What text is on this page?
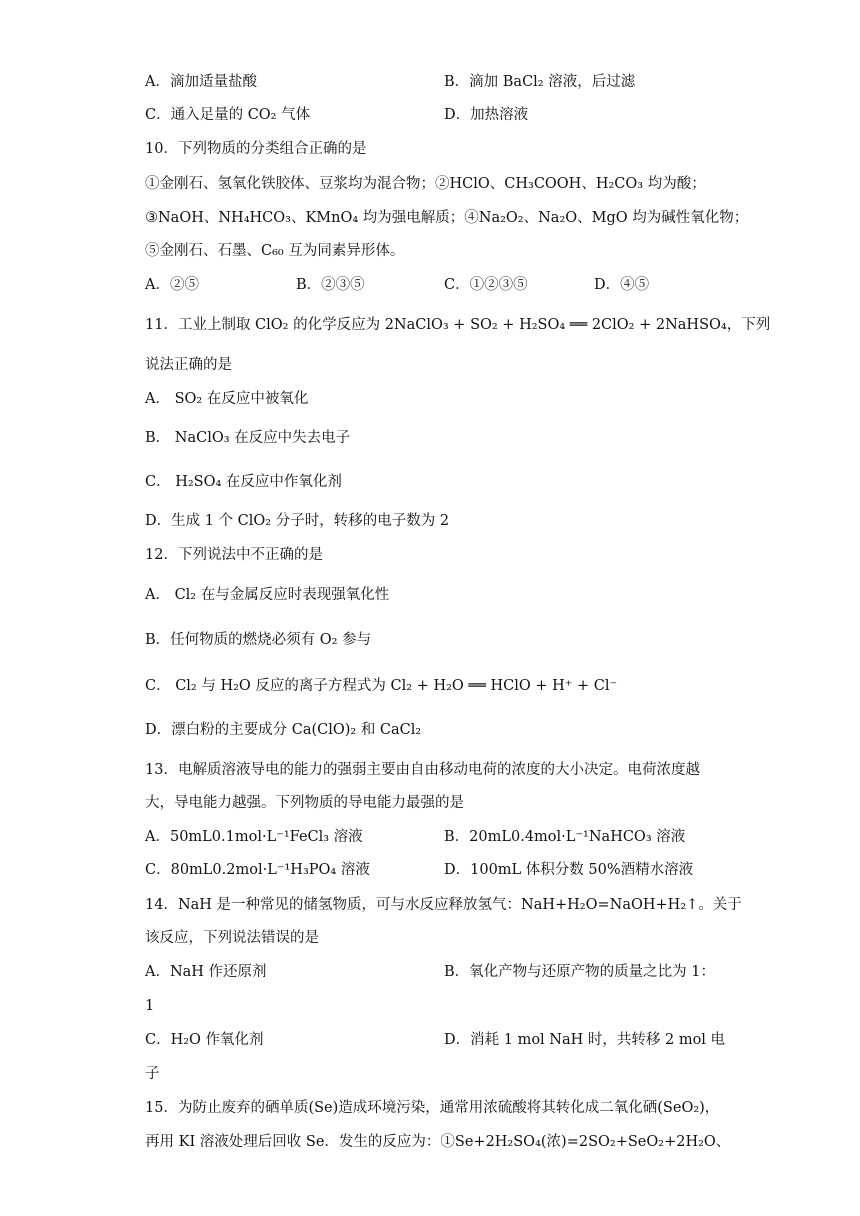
A．滴加适量盐酸	B．滴加 BaCl₂ 溶液，后过滤
C．通入足量的 CO₂ 气体	D．加热溶液
10．下列物质的分类组合正确的是
①金刚石、氢氧化铁胶体、豆浆均为混合物；②HClO、CH₃COOH、H₂CO₃ 均为酸；
③NaOH、NH₄HCO₃、KMnO₄ 均为强电解质；④Na₂O₂、Na₂O、MgO 均为碱性氧化物；
⑤金刚石、石墨、C₆₀ 互为同素异形体。
A．②⑤	B．②③⑤	C．①②③⑤	D．④⑤
11．工业上制取 ClO₂ 的化学反应为 2NaClO₃ + SO₂ + H₂SO₄ ══ 2ClO₂ + 2NaHSO₄，下列
说法正确的是
A． SO₂ 在反应中被氧化
B． NaClO₃ 在反应中失去电子
C． H₂SO₄ 在反应中作氧化剂
D．生成 1 个 ClO₂ 分子时，转移的电子数为 2
12．下列说法中不正确的是
A． Cl₂ 在与金属反应时表现强氧化性
B．任何物质的燃烧必须有 O₂ 参与
C． Cl₂ 与 H₂O 反应的离子方程式为 Cl₂ + H₂O ══ HClO + H⁺ + Cl⁻
D．漂白粉的主要成分 Ca(ClO)₂ 和 CaCl₂
13．电解质溶液导电的能力的强弱主要由自由移动电荷的浓度的大小决定。电荷浓度越
大，导电能力越强。下列物质的导电能力最强的是
A．50mL0.1mol·L⁻¹FeCl₃ 溶液	B．20mL0.4mol·L⁻¹NaHCO₃ 溶液
C．80mL0.2mol·L⁻¹H₃PO₄ 溶液	D．100mL 体积分数 50%酒精水溶液
14．NaH 是一种常见的储氢物质，可与水反应释放氢气：NaH+H₂O=NaOH+H₂↑。关于
该反应，下列说法错误的是
A．NaH 作还原剂	B．氧化产物与还原产物的质量之比为 1：
1
C．H₂O 作氧化剂	D．消耗 1 mol NaH 时，共转移 2 mol 电
子
15．为防止废弃的硒单质(Se)造成环境污染，通常用浓硫酸将其转化成二氧化硒(SeO₂)，
再用 KI 溶液处理后回收 Se．发生的反应为：①Se+2H₂SO₄(浓)=2SO₂+SeO₂+2H₂O、
